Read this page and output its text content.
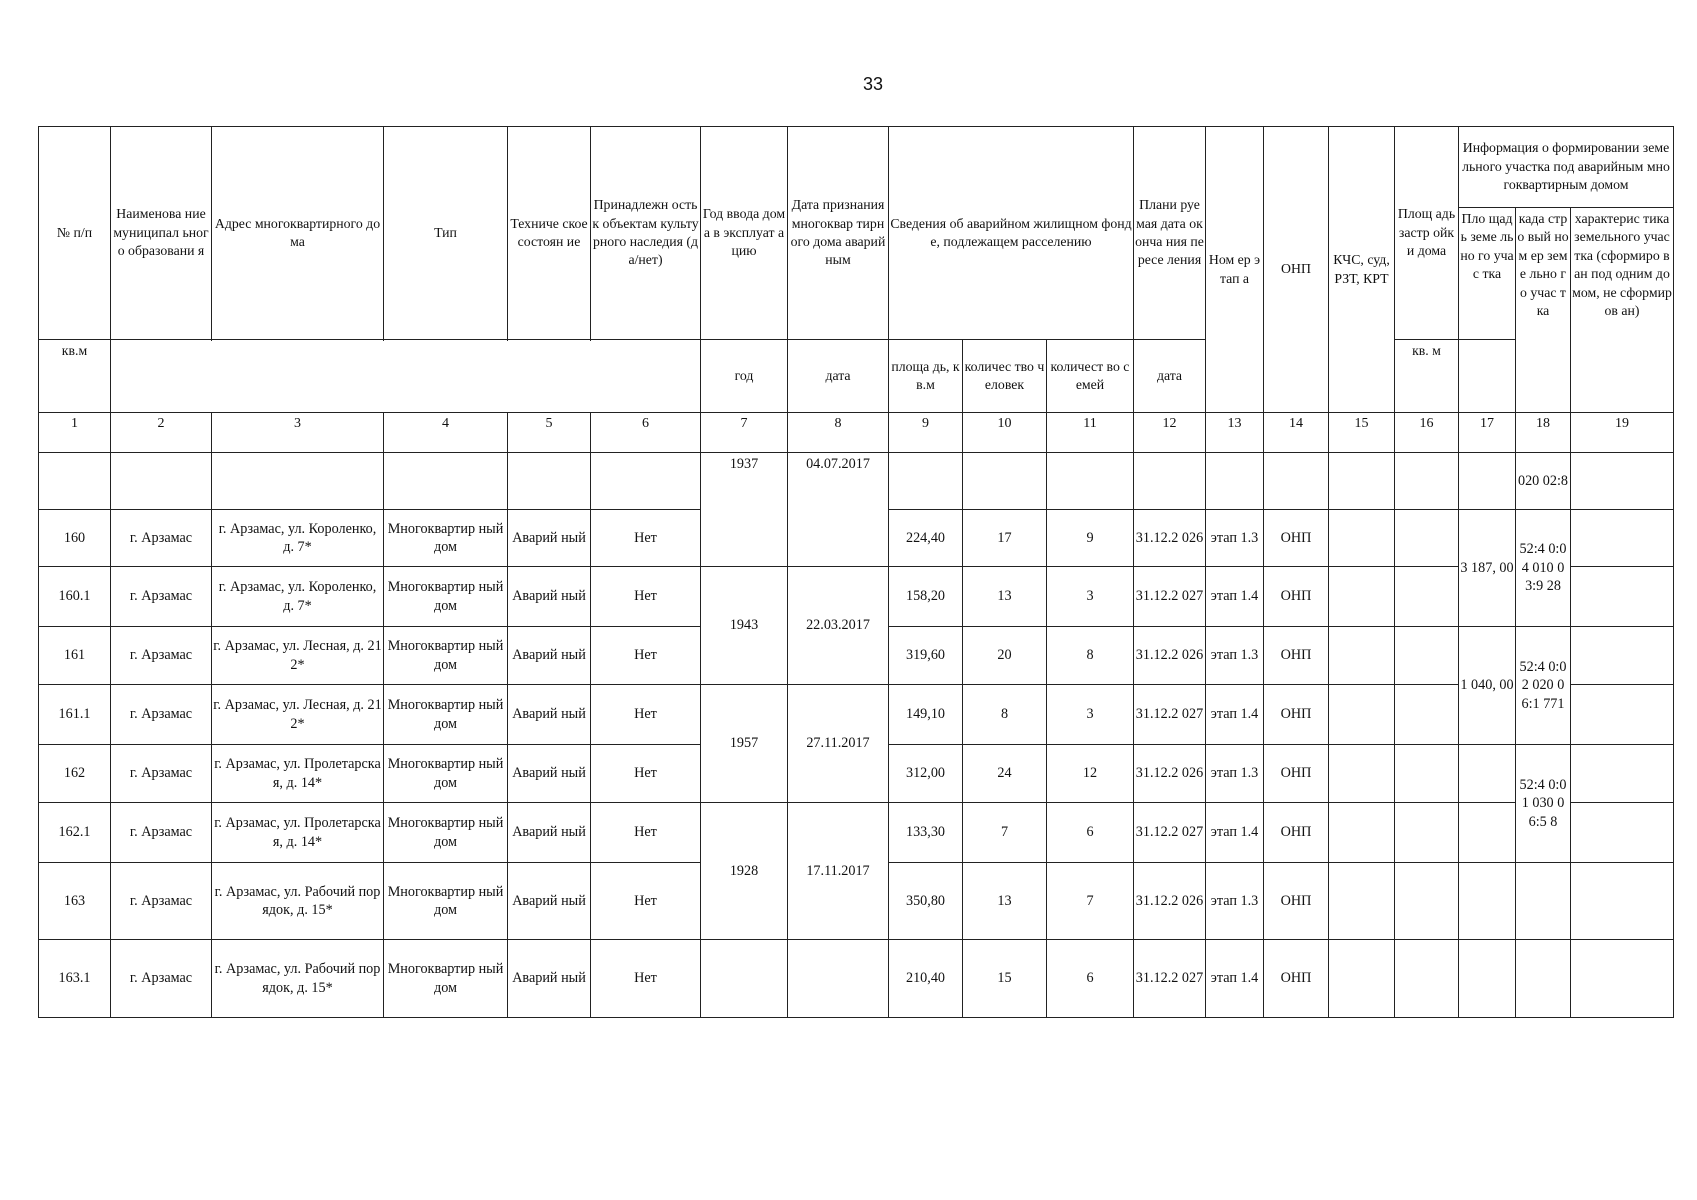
33
№ п/п	Наименова ние муниципал ьного образовани я	Адрес многоквартирного дома	Тип	Техниче ское состоян ие	Принадлежн ость к объектам культурного наследия (да/нет)	Год ввода дома в эксплуат ацию	Дата признания многоквар тирного дома аварийным	Сведения об аварийном жилищном фонде, подлежащем расселению			Плани руемая дата оконча ния пересе ления	Ном ер этап а	ОНП	КЧС, суд, РЗТ, КРТ	Площ адь застр ойки дома	Информация о формировании земельного участка под аварийным многоквартирным домом		
																Пло щадь земе льно го учас тка	када стро вый ном ер земе льно го учас тка	характерис тика земельного участка (сформиро ван под одним домом, не сформиров ан)
						год	дата	площа дь, кв.м	количес тво человек	количест во семей	дата				кв. м			
кв.м																		
1	2	3	4	5	6	7	8	9	10	11	12	13	14	15	16	17	18	19
						1937	04.07.2017										020 02:8	
160	г. Арзамас	г. Арзамас, ул. Короленко, д. 7*	Многоквартир ный дом	Аварий ный	Нет			224,40	17	9	31.12.2 026	этап 1.3	ОНП			3 187, 00	52:4 0:04 010 03:9 28	
160.1	г. Арзамас	г. Арзамас, ул. Короленко, д. 7*	Многоквартир ный дом	Аварий ный	Нет	1943	22.03.2017	158,20	13	3	31.12.2 027	этап 1.4	ОНП					
161	г. Арзамас	г. Арзамас, ул. Лесная, д. 212*	Многоквартир ный дом	Аварий ный	Нет			319,60	20	8	31.12.2 026	этап 1.3	ОНП			1 040, 00	52:4 0:02 020 06:1 771	
161.1	г. Арзамас	г. Арзамас, ул. Лесная, д. 212*	Многоквартир ный дом	Аварий ный	Нет	1957	27.11.2017	149,10	8	3	31.12.2 027	этап 1.4	ОНП					
162	г. Арзамас	г. Арзамас, ул. Пролетарская, д. 14*	Многоквартир ный дом	Аварий ный	Нет			312,00	24	12	31.12.2 026	этап 1.3	ОНП				52:4 0:01 030 06:5 8	
162.1	г. Арзамас	г. Арзамас, ул. Пролетарская, д. 14*	Многоквартир ный дом	Аварий ный	Нет	1928	17.11.2017	133,30	7	6	31.12.2 027	этап 1.4	ОНП					
163	г. Арзамас	г. Арзамас, ул. Рабочий порядок, д. 15*	Многоквартир ный дом	Аварий ный	Нет			350,80	13	7	31.12.2 026	этап 1.3	ОНП					
163.1	г. Арзамас	г. Арзамас, ул. Рабочий порядок, д. 15*	Многоквартир ный дом	Аварий ный	Нет			210,40	15	6	31.12.2 027	этап 1.4	ОНП					
